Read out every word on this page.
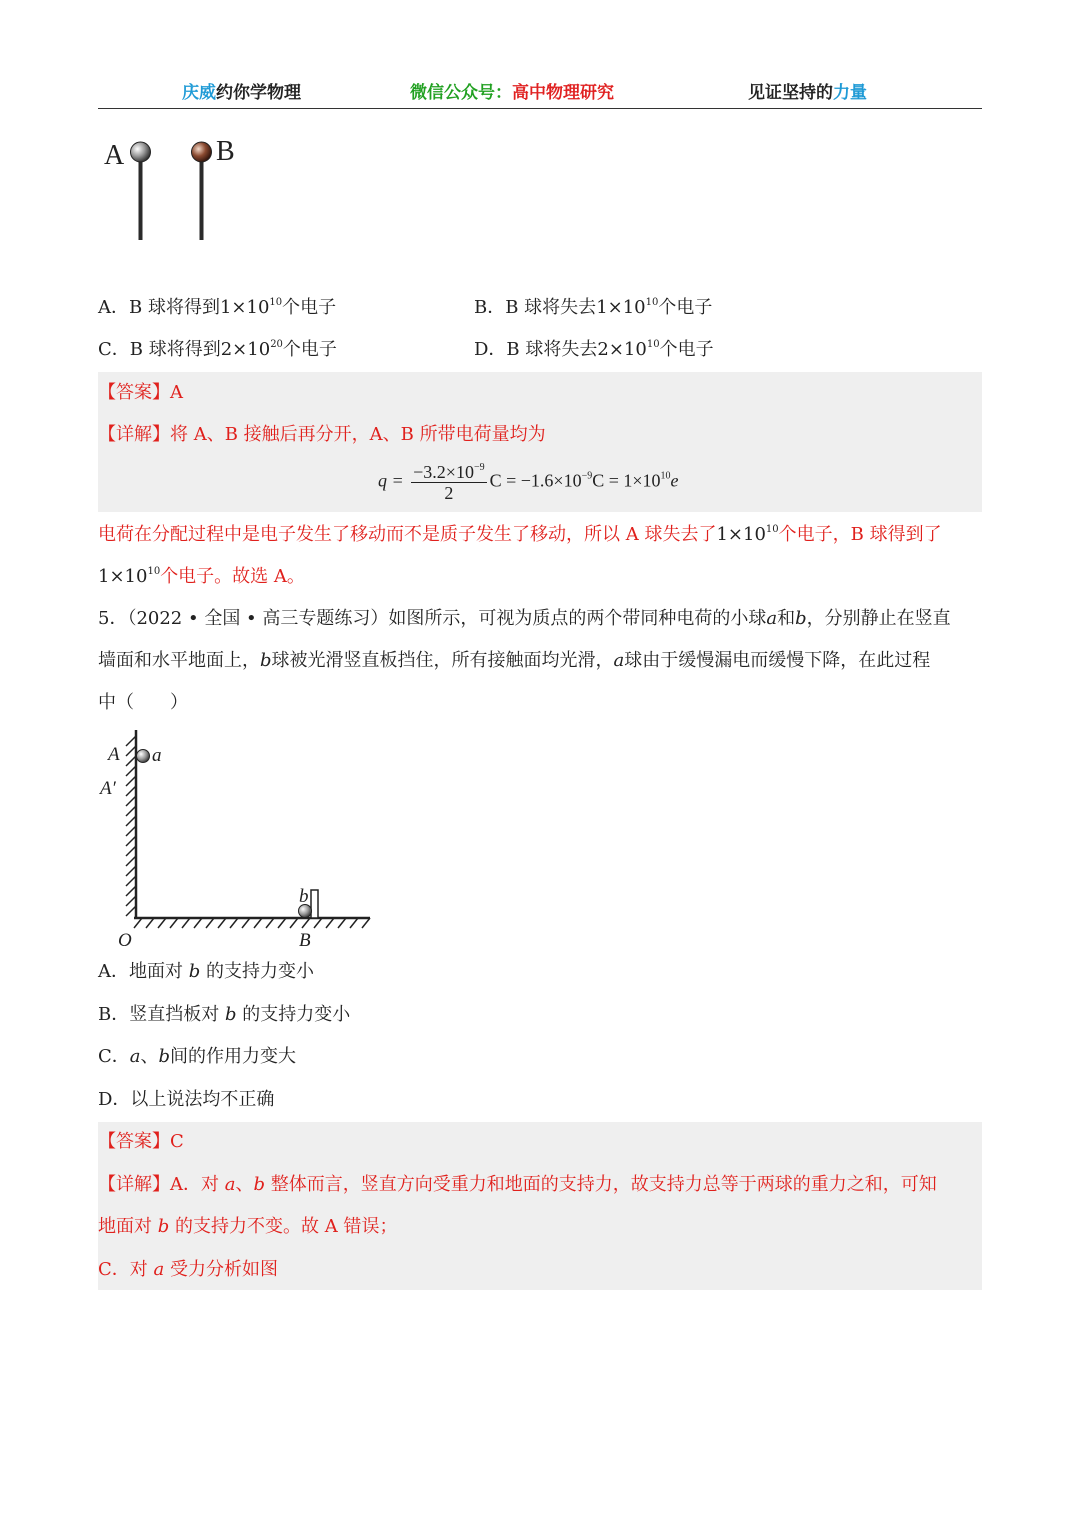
庆威约你学物理	微信公众号：高中物理研究	见证坚持的力量
A	B
A．B 球将得到$1\times 10^{10}$个电子	B．B 球将失去$1\times 10^{10}$个电子
C．B 球将得到$2\times 10^{20}$个电子	D．B 球将失去$2\times 10^{10}$个电子
【答案】A
【详解】将 A、B 接触后再分开，A、B 所带电荷量均为
$q = \frac{-3.2\times 10^{-9}}{2}$ $C = -1.6\times 10^{-9}C = 1\times 10^{10}e$
电荷在分配过程中是电子发生了移动而不是质子发生了移动，所以 A 球失去了$1\times 10^{10}$个电子，B 球得到了
$1\times 10^{10}$个电子。故选 A。
5．（2022 • 全国 • 高三专题练习）如图所示，可视为质点的两个带同种电荷的小球a和b，分别静止在竖直
墙面和水平地面上，b球被光滑竖直板挡住，所有接触面均光滑，a球由于缓慢漏电而缓慢下降，在此过程
中（　　）
A a
A′
b
O	B
A．地面对 b 的支持力变小
B．竖直挡板对 b 的支持力变小
C．a、b间的作用力变大
D．以上说法均不正确
【答案】C
【详解】A．对 a、b 整体而言，竖直方向受重力和地面的支持力，故支持力总等于两球的重力之和，可知
地面对 b 的支持力不变。故 A 错误；
C．对 a 受力分析如图
